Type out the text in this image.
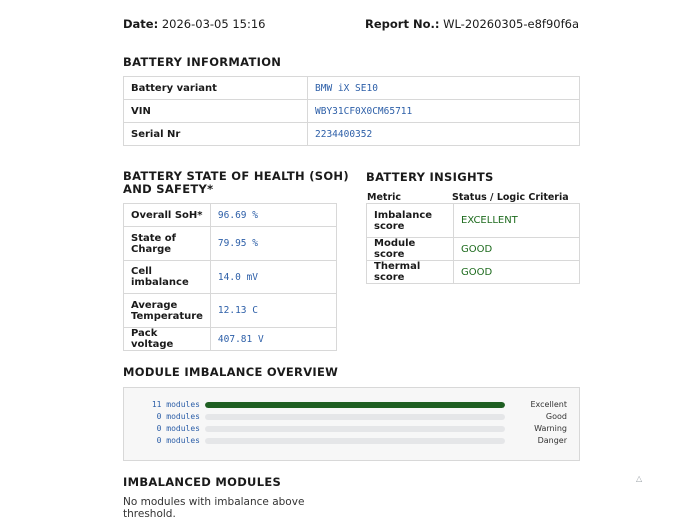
Date: 2026-03-05 15:16	Report No.: WL-20260305-e8f90f6a
BATTERY INFORMATION
Battery variant	BMW iX SE10
VIN	WBY31CF0X0CM65711
Serial Nr	2234400352
BATTERY STATE OF HEALTH (SOH)
AND SAFETY*
Overall SoH*	96.69 %
State of Charge	79.95 %
Cell imbalance	14.0 mV
Average Temperature	12.13 C
Pack voltage	407.81 V
BATTERY INSIGHTS
Metric	Status / Logic Criteria
Imbalance score	EXCELLENT
Module score	GOOD
Thermal score	GOOD
MODULE IMBALANCE OVERVIEW
11 modules	Excellent
0 modules	Good
0 modules	Warning
0 modules	Danger
IMBALANCED MODULES
No modules with imbalance above
threshold.
△
